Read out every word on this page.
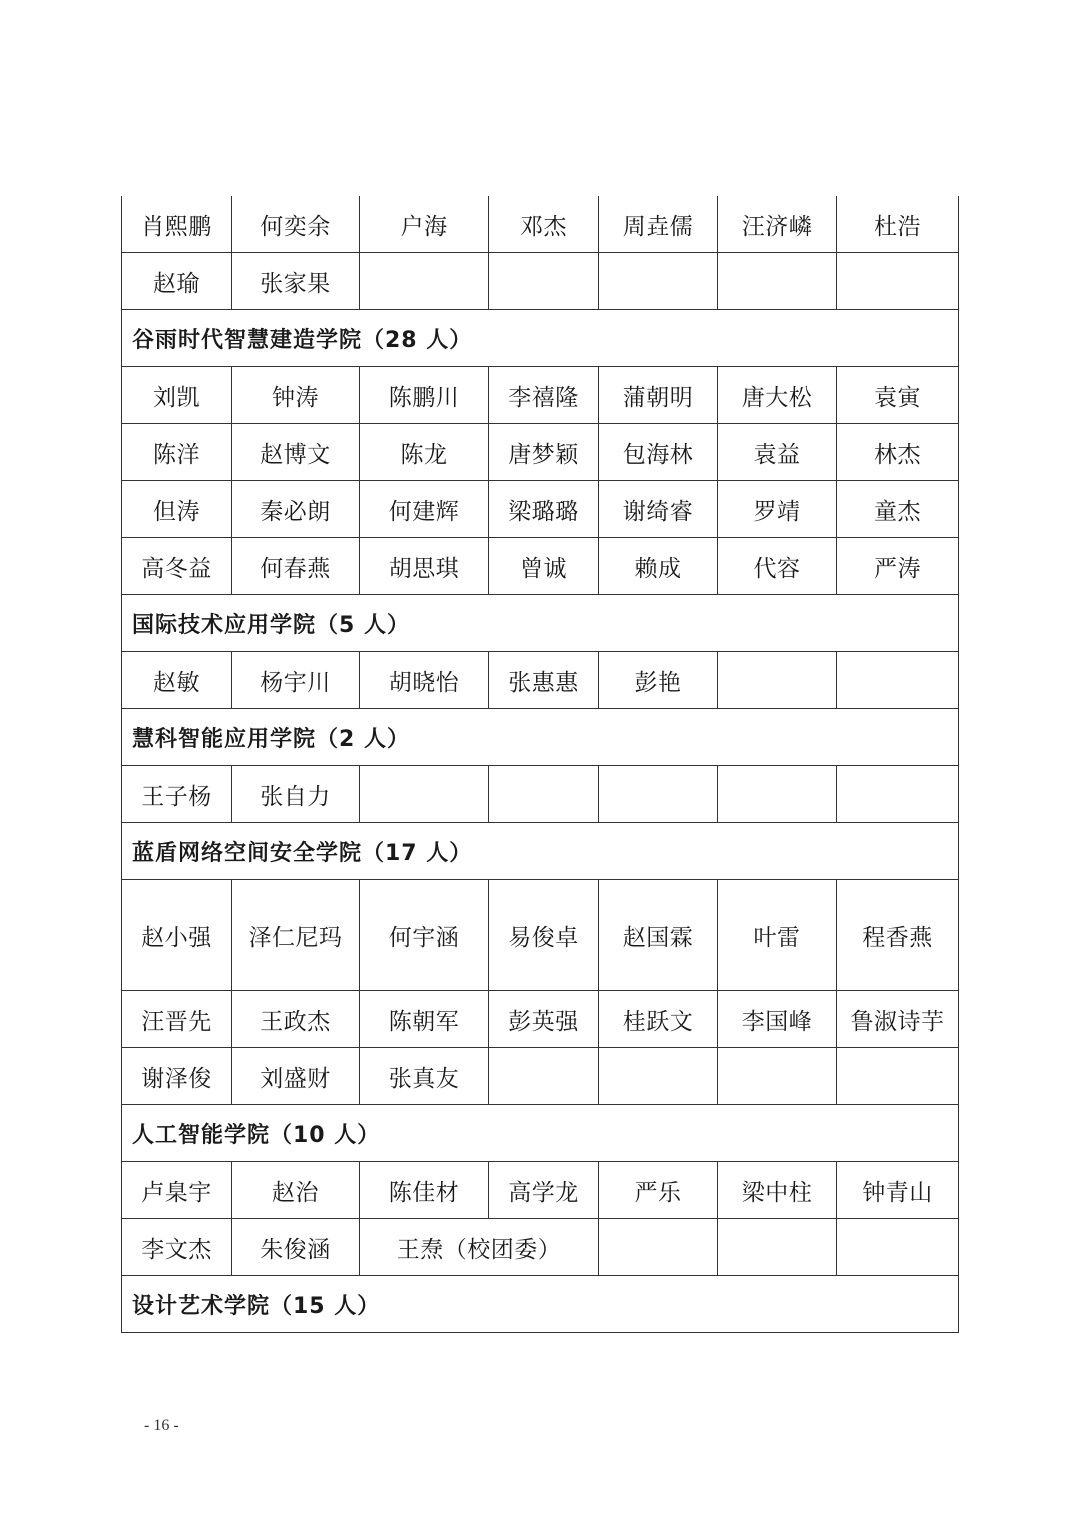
肖熙鹏	何奕余	户海	邓杰	周垚儒	汪济嶙	杜浩
赵瑜	张家果					
谷雨时代智慧建造学院（28 人）						
刘凯	钟涛	陈鹏川	李禧隆	蒲朝明	唐大松	袁寅
陈洋	赵博文	陈龙	唐梦颖	包海林	袁益	林杰
但涛	秦必朗	何建辉	梁璐璐	谢绮睿	罗靖	童杰
高冬益	何春燕	胡思琪	曾诚	赖成	代容	严涛
国际技术应用学院（5 人）						
赵敏	杨宇川	胡晓怡	张惠惠	彭艳		
慧科智能应用学院（2 人）						
王子杨	张自力					
蓝盾网络空间安全学院（17 人）						
赵小强	泽仁尼玛	何宇涵	易俊卓	赵国霖	叶雷	程香燕
汪晋先	王政杰	陈朝军	彭英强	桂跃文	李国峰	鲁淑诗芋
谢泽俊	刘盛财	张真友				
人工智能学院（10 人）						
卢臬宇	赵治	陈佳材	高学龙	严乐	梁中柱	钟青山
李文杰	朱俊涵	王焘（校团委）				
设计艺术学院（15 人）						
- 16 -
